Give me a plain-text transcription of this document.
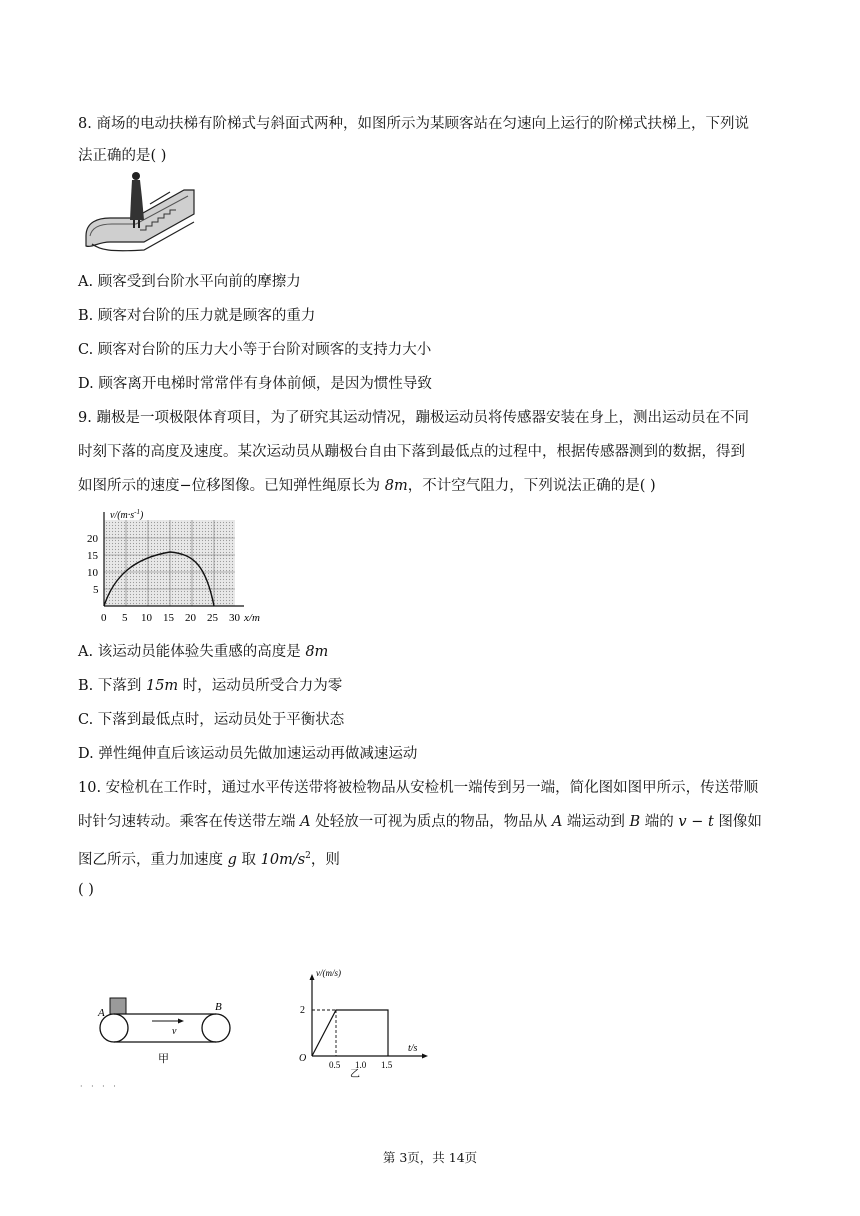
8. 商场的电动扶梯有阶梯式与斜面式两种，如图所示为某顾客站在匀速向上运行的阶梯式扶梯上，下列说
法正确的是( )
A. 顾客受到台阶水平向前的摩擦力
B. 顾客对台阶的压力就是顾客的重力
C. 顾客对台阶的压力大小等于台阶对顾客的支持力大小
D. 顾客离开电梯时常常伴有身体前倾，是因为惯性导致
9. 蹦极是一项极限体育项目，为了研究其运动情况，蹦极运动员将传感器安装在身上，测出运动员在不同
时刻下落的高度及速度。某次运动员从蹦极台自由下落到最低点的过程中，根据传感器测到的数据，得到
如图所示的速度−位移图像。已知弹性绳原长为 8m，不计空气阻力，下列说法正确的是( )
$v/(m\cdot s^{-1})$
20
15
10
5
0 5 10 15 20 25 30 x/m
A. 该运动员能体验失重感的高度是 8m
B. 下落到 15m 时，运动员所受合力为零
C. 下落到最低点时，运动员处于平衡状态
D. 弹性绳伸直后该运动员先做加速运动再做减速运动
10. 安检机在工作时，通过水平传送带将被检物品从安检机一端传到另一端，简化图如图甲所示，传送带顺
时针匀速转动。乘客在传送带左端 A 处轻放一可视为质点的物品，物品从 A 端运动到 B 端的 v − t 图像如
图乙所示，重力加速度 g 取 $10m/s^2$，则
( )
A	B
v
甲
v/(m/s)
t/s
O
2
0.5 1.0 1.5
乙
· · · ·
第 3页，共 14页
